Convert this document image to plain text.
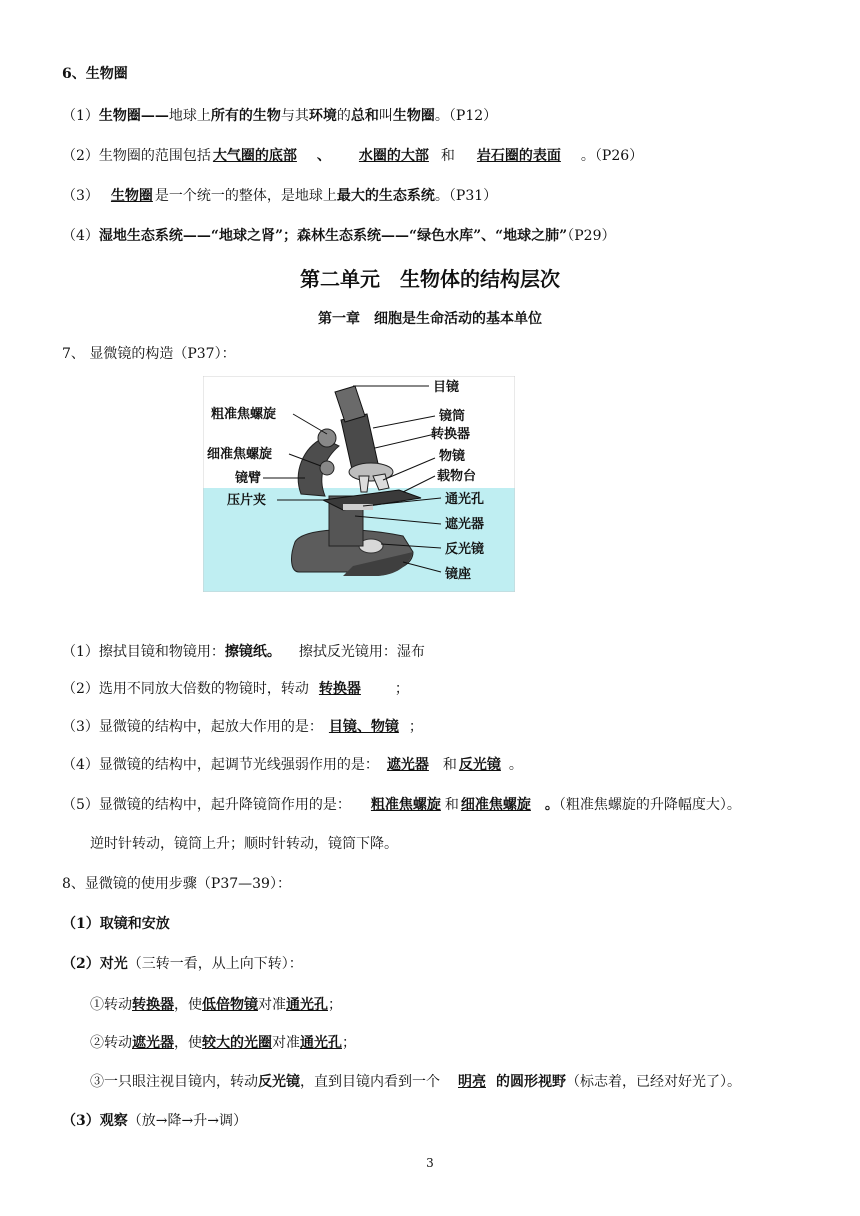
6、生物圈
（1）生物圈——地球上所有的生物与其环境的总和叫生物圈。（P12）
（2）生物圈的范围包括 大气圈的底部 、 水圈的大部 和 岩石圈的表面 。（P26）
（3） 生物圈 是一个统一的整体，是地球上最大的生态系统。（P31）
（4）湿地生态系统——“地球之肾”；森林生态系统——“绿色水库”、“地球之肺”（P29）
第二单元　生物体的结构层次
第一章　细胞是生命活动的基本单位
7、 显微镜的构造（P37）：
目镜
粗准焦螺旋	镜筒
转换器
细准焦螺旋	物镜
镜臂	载物台
压片夹	通光孔
遮光器
反光镜
镜座
（1）擦拭目镜和物镜用：擦镜纸。 擦拭反光镜用：湿布
（2）选用不同放大倍数的物镜时，转动 转换器 ；
（3）显微镜的结构中，起放大作用的是： 目镜、物镜 ；
（4）显微镜的结构中，起调节光线强弱作用的是： 遮光器 和 反光镜 。
（5）显微镜的结构中，起升降镜筒作用的是： 粗准焦螺旋 和 细准焦螺旋 。（粗准焦螺旋的升降幅度大）。
逆时针转动，镜筒上升；顺时针转动，镜筒下降。
8、显微镜的使用步骤（P37—39）：
（1）取镜和安放
（2）对光（三转一看，从上向下转）：
①转动转换器，使低倍物镜对准通光孔；
②转动遮光器，使较大的光圈对准通光孔；
③一只眼注视目镜内，转动反光镜，直到目镜内看到一个 明亮 的圆形视野（标志着，已经对好光了）。
（3）观察（放→降→升→调）
3
